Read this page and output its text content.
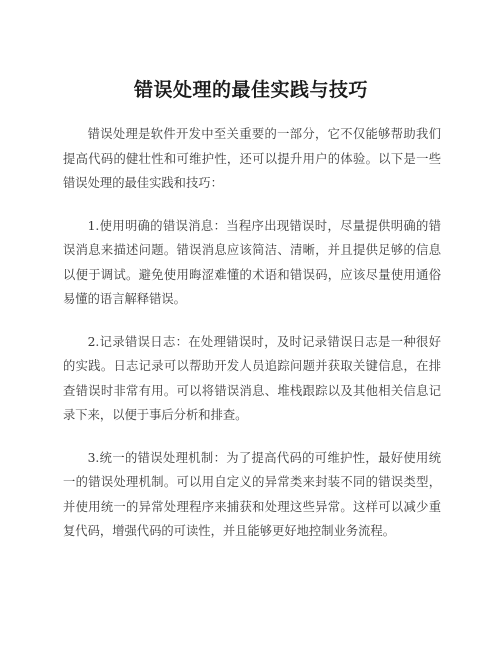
错误处理的最佳实践与技巧

错误处理是软件开发中至关重要的一部分，它不仅能够帮助我们提高代码的健壮性和可维护性，还可以提升用户的体验。以下是一些错误处理的最佳实践和技巧：

1.使用明确的错误消息：当程序出现错误时，尽量提供明确的错误消息来描述问题。错误消息应该简洁、清晰，并且提供足够的信息以便于调试。避免使用晦涩难懂的术语和错误码，应该尽量使用通俗易懂的语言解释错误。

2.记录错误日志：在处理错误时，及时记录错误日志是一种很好的实践。日志记录可以帮助开发人员追踪问题并获取关键信息，在排查错误时非常有用。可以将错误消息、堆栈跟踪以及其他相关信息记录下来，以便于事后分析和排查。

3.统一的错误处理机制：为了提高代码的可维护性，最好使用统一的错误处理机制。可以用自定义的异常类来封装不同的错误类型，并使用统一的异常处理程序来捕获和处理这些异常。这样可以减少重复代码，增强代码的可读性，并且能够更好地控制业务流程。
